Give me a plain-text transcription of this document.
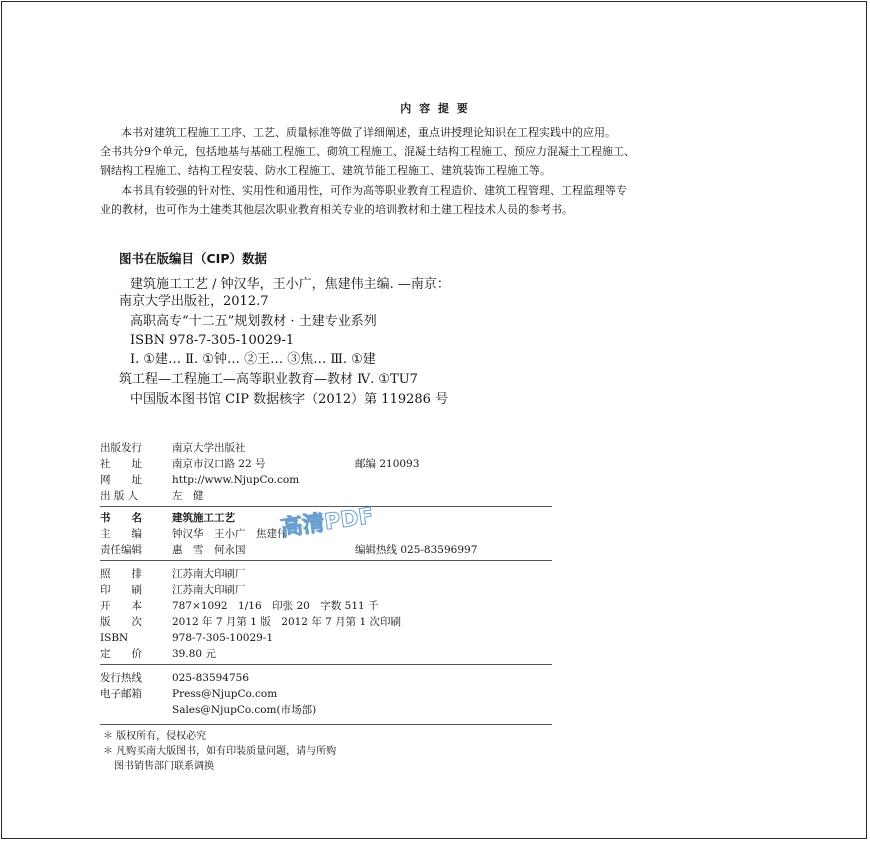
内 容 提 要
本书对建筑工程施工工序、工艺、质量标准等做了详细阐述，重点讲授理论知识在工程实践中的应用。
全书共分9个单元，包括地基与基础工程施工、砌筑工程施工、混凝土结构工程施工、预应力混凝土工程施工、
钢结构工程施工、结构工程安装、防水工程施工、建筑节能工程施工、建筑装饰工程施工等。
本书具有较强的针对性、实用性和通用性，可作为高等职业教育工程造价、建筑工程管理、工程监理等专
业的教材，也可作为土建类其他层次职业教育相关专业的培训教材和土建工程技术人员的参考书。
图书在版编目（CIP）数据
建筑施工工艺 / 钟汉华，王小广，焦建伟主编. —南京：
南京大学出版社，2012.7
高职高专“十二五”规划教材 · 土建专业系列
ISBN 978-7-305-10029-1
Ⅰ. ①建… Ⅱ. ①钟… ②王… ③焦… Ⅲ. ①建
筑工程—工程施工—高等职业教育—教材 Ⅳ. ①TU7
中国版本图书馆 CIP 数据核字（2012）第 119286 号
出版发行	南京大学出版社
社　　址	南京市汉口路 22 号	邮编 210093
网　　址	http://www.NjupCo.com
出 版 人	左　健
书　　名	建筑施工工艺
主　　编	钟汉华　王小广　焦建伟
责任编辑	惠　雪　何永国	编辑热线 025-83596997
照　　排	江苏南大印刷厂
印　　刷	江苏南大印刷厂
开　　本	787×1092　1/16　印张 20　字数 511 千
版　　次	2012 年 7 月第 1 版　2012 年 7 月第 1 次印刷
ISBN	978-7-305-10029-1
定　　价	39.80 元
发行热线	025-83594756
电子邮箱	Press@NjupCo.com
Sales@NjupCo.com(市场部)
＊ 版权所有，侵权必究
＊ 凡购买南大版图书，如有印装质量问题，请与所购
图书销售部门联系调换
高清PDF
